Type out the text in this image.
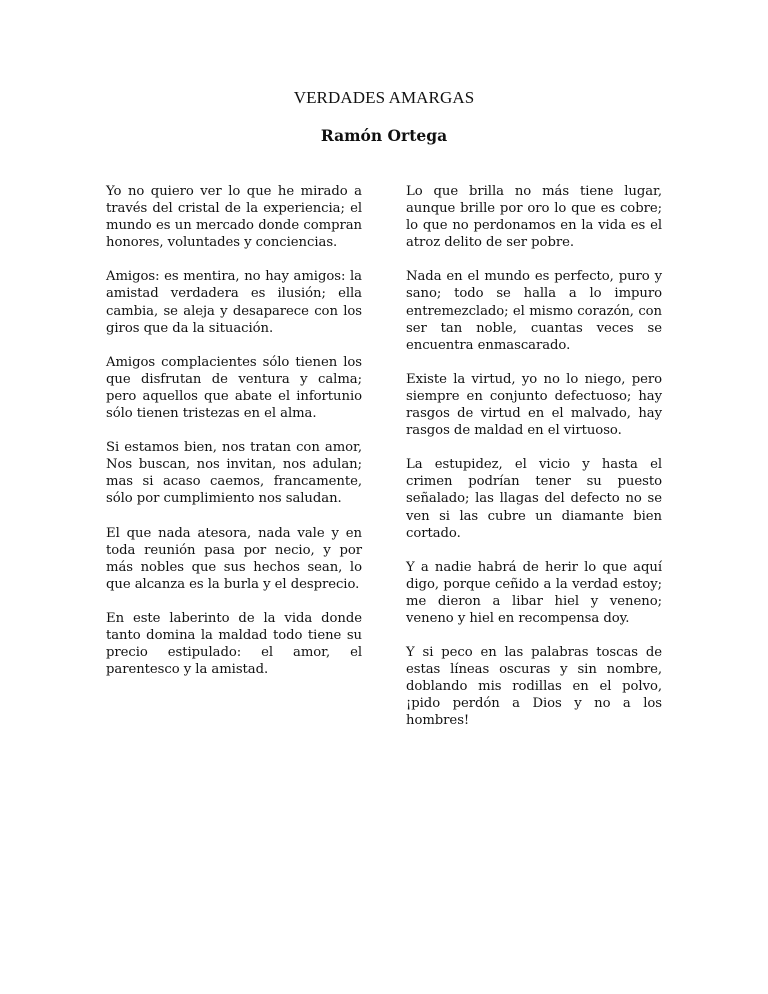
VERDADES AMARGAS
Ramón Ortega

Yo no quiero ver lo que he mirado a través del cristal de la experiencia; el mundo es un mercado donde compran honores, voluntades y conciencias.

Amigos: es mentira, no hay amigos: la amistad verdadera es ilusión; ella cambia, se aleja y desaparece con los giros que da la situación.

Amigos complacientes sólo tienen los que disfrutan de ventura y calma; pero aquellos que abate el infortunio sólo tienen tristezas en el alma.

Si estamos bien, nos tratan con amor, Nos buscan, nos invitan, nos adulan; mas si acaso caemos, francamente, sólo por cumplimiento nos saludan.

El que nada atesora, nada vale y en toda reunión pasa por necio, y por más nobles que sus hechos sean, lo que alcanza es la burla y el desprecio.

En este laberinto de la vida donde tanto domina la maldad todo tiene su precio estipulado: el amor, el parentesco y la amistad.

Lo que brilla no más tiene lugar, aunque brille por oro lo que es cobre; lo que no perdonamos en la vida es el atroz delito de ser pobre.

Nada en el mundo es perfecto, puro y sano; todo se halla a lo impuro entremezclado; el mismo corazón, con ser tan noble, cuantas veces se encuentra enmascarado.

Existe la virtud, yo no lo niego, pero siempre en conjunto defectuoso; hay rasgos de virtud en el malvado, hay rasgos de maldad en el virtuoso.

La estupidez, el vicio y hasta el crimen podrían tener su puesto señalado; las llagas del defecto no se ven si las cubre un diamante bien cortado.

Y a nadie habrá de herir lo que aquí digo, porque ceñido a la verdad estoy; me dieron a libar hiel y veneno; veneno y hiel en recompensa doy.

Y si peco en las palabras toscas de estas líneas oscuras y sin nombre, doblando mis rodillas en el polvo, ¡pido perdón a Dios y no a los hombres!
